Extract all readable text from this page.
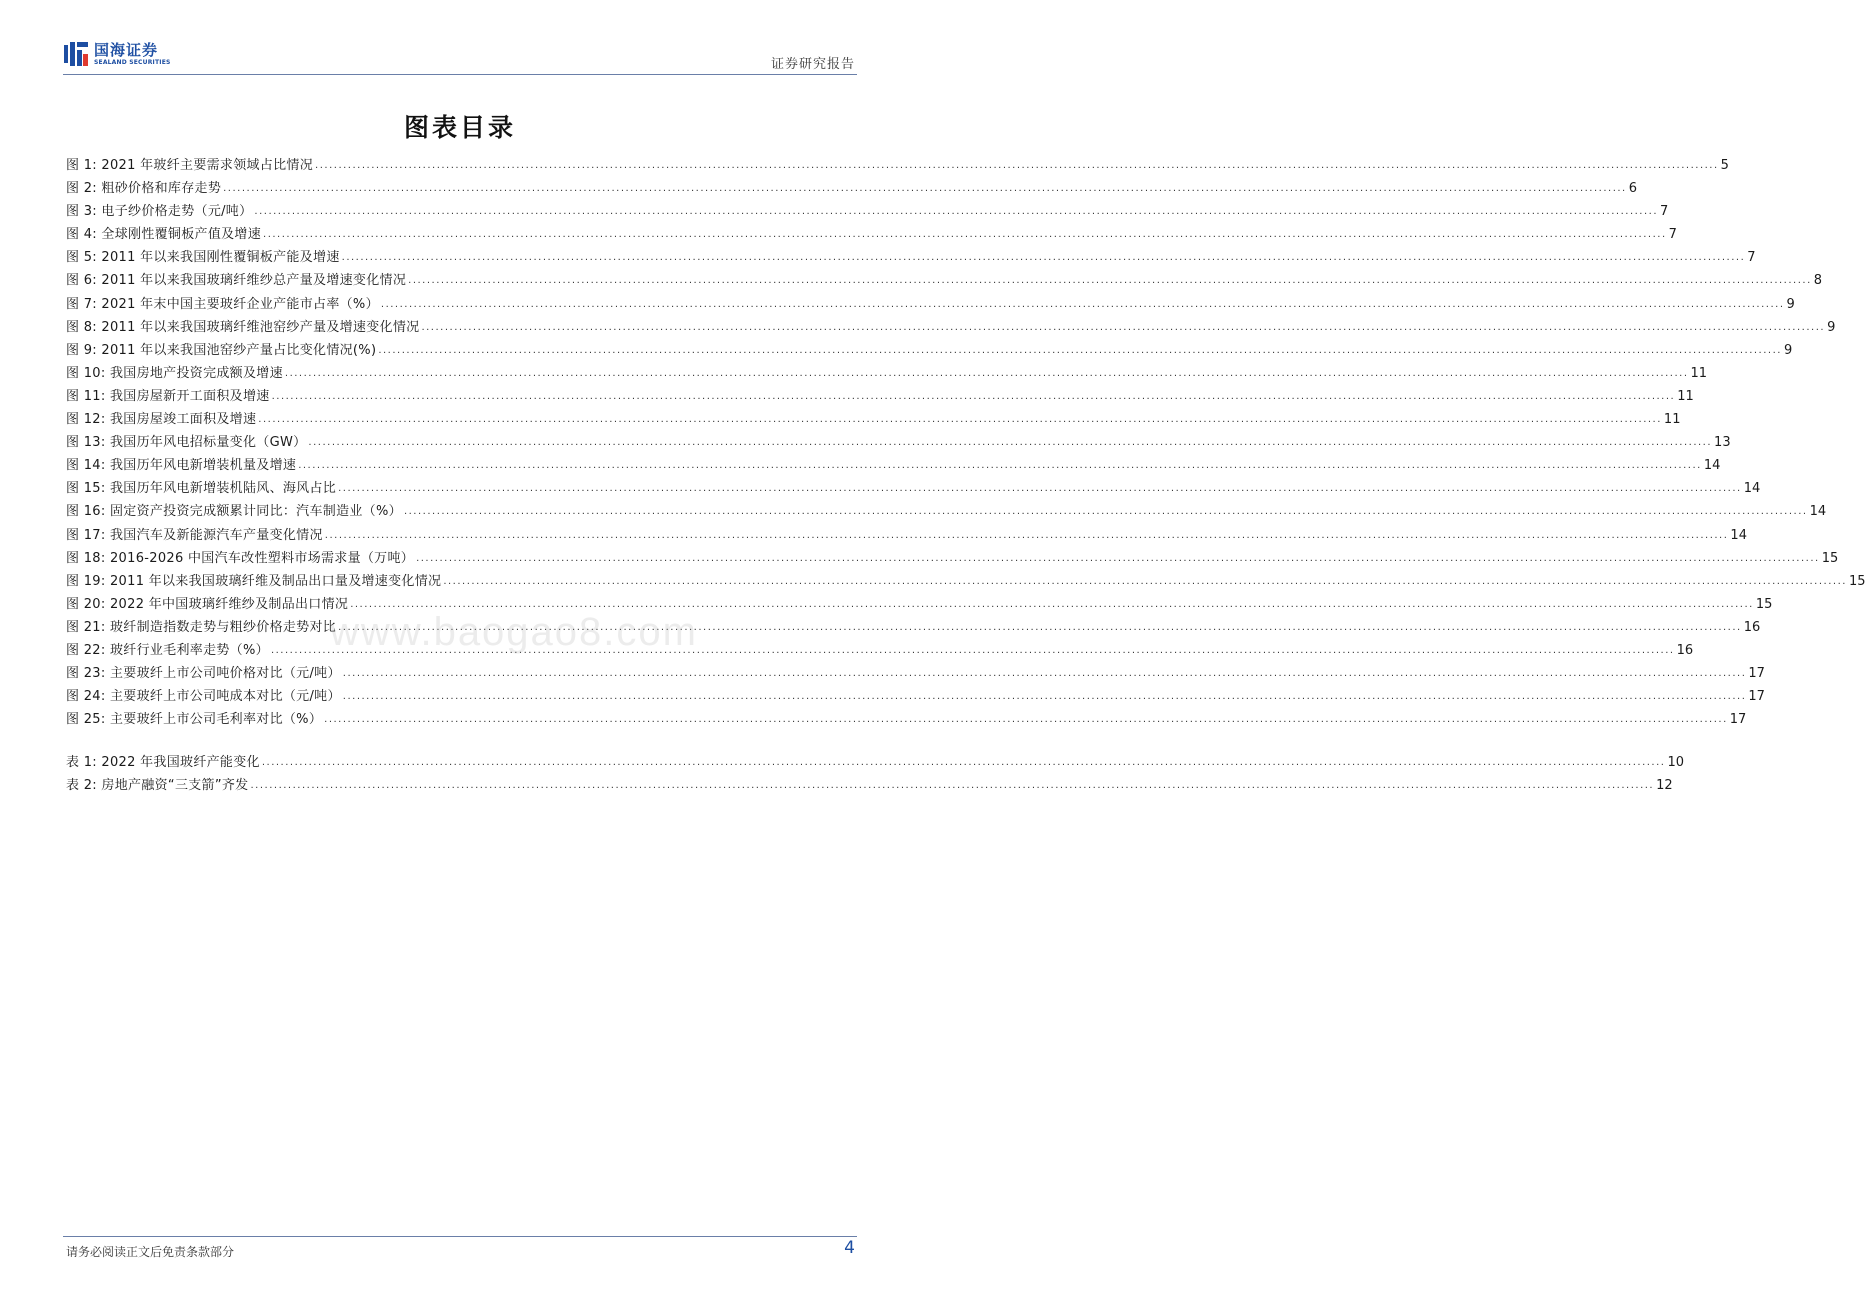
国海证券
SEALAND SECURITIES	证券研究报告
图表目录
图 1: 2021 年玻纤主要需求领域占比情况 ............................................................................................................................................................................................................................................................................................................ 5
图 2: 粗砂价格和库存走势 ............................................................................................................................................................................................................................................................................................................ 6
图 3: 电子纱价格走势（元/吨） ............................................................................................................................................................................................................................................................................................................ 7
图 4: 全球刚性覆铜板产值及增速 ............................................................................................................................................................................................................................................................................................................ 7
图 5: 2011 年以来我国刚性覆铜板产能及增速 ............................................................................................................................................................................................................................................................................................................ 7
图 6: 2011 年以来我国玻璃纤维纱总产量及增速变化情况 ............................................................................................................................................................................................................................................................................................................ 8
图 7: 2021 年末中国主要玻纤企业产能市占率（%） ............................................................................................................................................................................................................................................................................................................ 9
图 8: 2011 年以来我国玻璃纤维池窑纱产量及增速变化情况 ............................................................................................................................................................................................................................................................................................................ 9
图 9: 2011 年以来我国池窑纱产量占比变化情况(%) ............................................................................................................................................................................................................................................................................................................ 9
图 10: 我国房地产投资完成额及增速 ............................................................................................................................................................................................................................................................................................................ 11
图 11: 我国房屋新开工面积及增速 ............................................................................................................................................................................................................................................................................................................ 11
图 12: 我国房屋竣工面积及增速 ............................................................................................................................................................................................................................................................................................................ 11
图 13: 我国历年风电招标量变化（GW） ............................................................................................................................................................................................................................................................................................................ 13
图 14: 我国历年风电新增装机量及增速 ............................................................................................................................................................................................................................................................................................................ 14
图 15: 我国历年风电新增装机陆风、海风占比 ............................................................................................................................................................................................................................................................................................................ 14
图 16: 固定资产投资完成额累计同比：汽车制造业（%） ............................................................................................................................................................................................................................................................................................................ 14
图 17: 我国汽车及新能源汽车产量变化情况 ............................................................................................................................................................................................................................................................................................................ 14
图 18: 2016-2026 中国汽车改性塑料市场需求量（万吨） ............................................................................................................................................................................................................................................................................................................ 15
图 19: 2011 年以来我国玻璃纤维及制品出口量及增速变化情况 ............................................................................................................................................................................................................................................................................................................ 15
图 20: 2022 年中国玻璃纤维纱及制品出口情况 ............................................................................................................................................................................................................................................................................................................ 15
图 21: 玻纤制造指数走势与粗纱价格走势对比 ............................................................................................................................................................................................................................................................................................................ 16
图 22: 玻纤行业毛利率走势（%） ............................................................................................................................................................................................................................................................................................................ 16
图 23: 主要玻纤上市公司吨价格对比（元/吨） ............................................................................................................................................................................................................................................................................................................ 17
图 24: 主要玻纤上市公司吨成本对比（元/吨） ............................................................................................................................................................................................................................................................................................................ 17
图 25: 主要玻纤上市公司毛利率对比（%） ............................................................................................................................................................................................................................................................................................................ 17
表 1: 2022 年我国玻纤产能变化 ............................................................................................................................................................................................................................................................................................................ 10
表 2: 房地产融资“三支箭”齐发 ............................................................................................................................................................................................................................................................................................................ 12
www.baogao8.com
请务必阅读正文后免责条款部分	4
